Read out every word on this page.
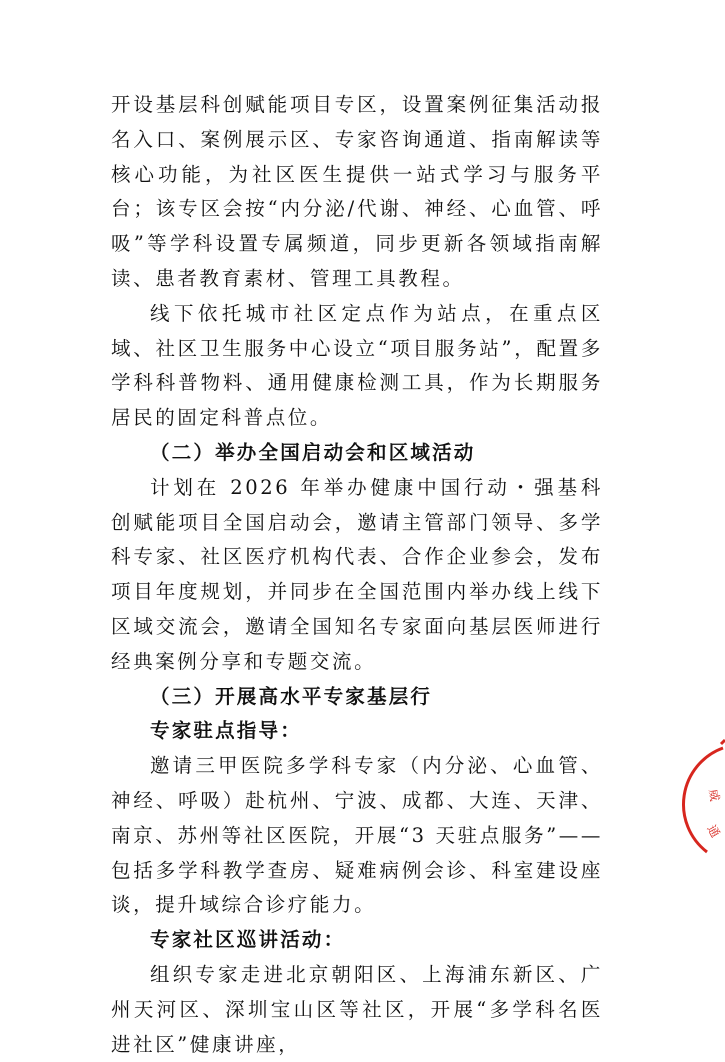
开设基层科创赋能项目专区，设置案例征集活动报名入口、案例展示区、专家咨询通道、指南解读等核心功能，为社区医生提供一站式学习与服务平台；该专区会按“内分泌/代谢、神经、心血管、呼吸”等学科设置专属频道，同步更新各领域指南解读、患者教育素材、管理工具教程。

线下依托城市社区定点作为站点，在重点区域、社区卫生服务中心设立“项目服务站”，配置多学科科普物料、通用健康检测工具，作为长期服务居民的固定科普点位。

（二）举办全国启动会和区域活动

计划在 2026 年举办健康中国行动・强基科创赋能项目全国启动会，邀请主管部门领导、多学科专家、社区医疗机构代表、合作企业参会，发布项目年度规划，并同步在全国范围内举办线上线下区域交流会，邀请全国知名专家面向基层医师进行经典案例分享和专题交流。

（三）开展高水平专家基层行

专家驻点指导：

邀请三甲医院多学科专家（内分泌、心血管、神经、呼吸）赴杭州、宁波、成都、大连、天津、南京、苏州等社区医院，开展“3 天驻点服务”——包括多学科教学查房、疑难病例会诊、科室建设座谈，提升域综合诊疗能力。

专家社区巡讲活动：

组织专家走进北京朝阳区、上海浦东新区、广州天河区、深圳宝山区等社区，开展“多学科名医进社区”健康讲座，

威
通
